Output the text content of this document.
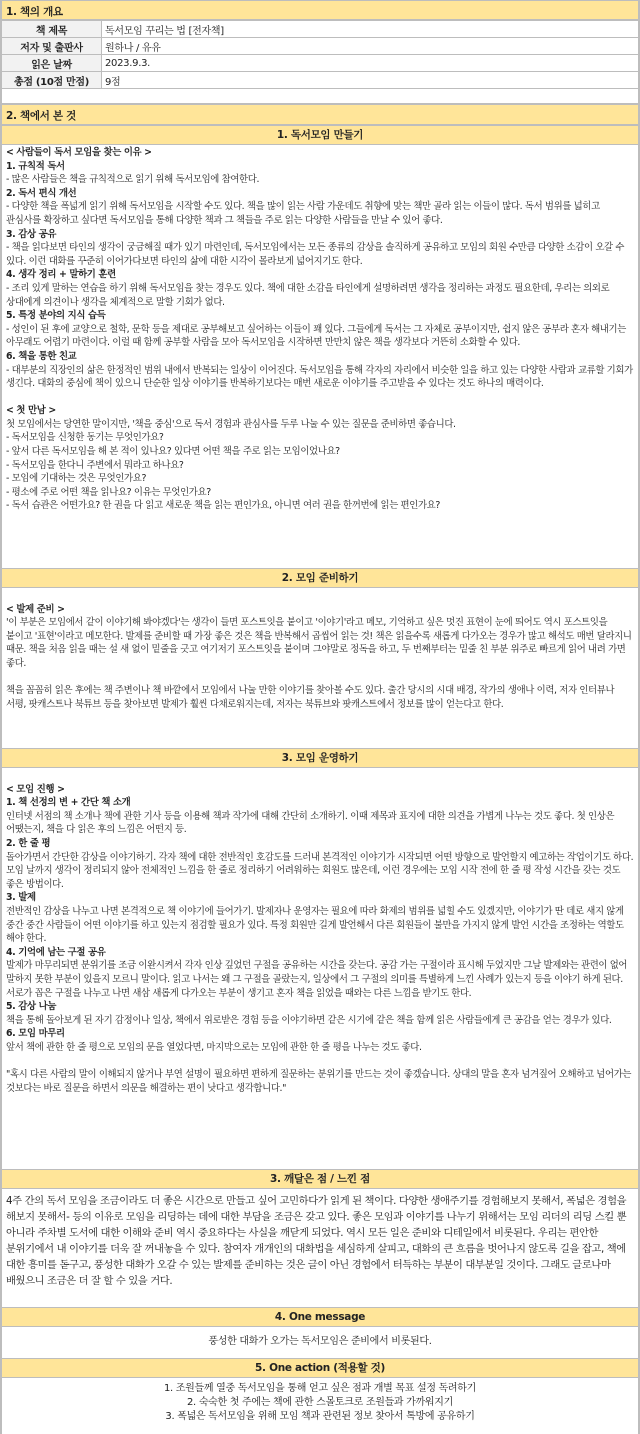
1. 책의 개요
책 제목	독서모임 꾸리는 법 [전자책]
저자 및 출판사	원하나 / 유유
읽은 날짜	2023.9.3.
총점 (10점 만점)	9점
2. 책에서 본 것
1. 독서모임 만들기

< 사람들이 독서 모임을 찾는 이유 >

1. 규칙적 독서

- 많은 사람들은 책을 규칙적으로 읽기 위해 독서모임에 참여한다.

2. 독서 편식 개선

- 다양한 책을 폭넓게 읽기 위해 독서모임을 시작할 수도 있다. 책을 많이 읽는 사람 가운데도 취향에 맞는 책만 골라 읽는 이들이 많다. 독서 범위를 넓히고 관심사를 확장하고 싶다면 독서모임을 통해 다양한 책과 그 책들을 주로 읽는 다양한 사람들을 만날 수 있어 좋다.

3. 감상 공유

- 책을 읽다보면 타인의 생각이 궁금해질 때가 있기 마련인데, 독서모임에서는 모든 종류의 감상을 솔직하게 공유하고 모임의 회원 수만큼 다양한 소감이 오갈 수 있다. 이런 대화를 꾸준히 이어가다보면 타인의 삶에 대한 시각이 몰라보게 넓어지기도 한다.

4. 생각 정리 + 말하기 훈련

- 조리 있게 말하는 연습을 하기 위해 독서모임을 찾는 경우도 있다. 책에 대한 소감을 타인에게 설명하려면 생각을 정리하는 과정도 필요한데, 우리는 의외로 상대에게 의견이나 생각을 체계적으로 말할 기회가 없다.

5. 특정 분야의 지식 습득

- 성인이 된 후에 교양으로 철학, 문학 등을 제대로 공부해보고 싶어하는 이들이 꽤 있다. 그들에게 독서는 그 자체로 공부이지만, 쉽지 않은 공부라 혼자 해내기는 아무래도 어렵기 마련이다. 이럴 때 함께 공부할 사람을 모아 독서모임을 시작하면 만만치 않은 책을 생각보다 거뜬히 소화할 수 있다.

6. 책을 통한 친교

- 대부분의 직장인의 삶은 한정적인 범위 내에서 반복되는 일상이 이어진다. 독서모임을 통해 각자의 자리에서 비슷한 일을 하고 있는 다양한 사람과 교류할 기회가 생긴다. 대화의 중심에 책이 있으니 단순한 일상 이야기를 반복하기보다는 매번 새로운 이야기를 주고받을 수 있다는 것도 하나의 매력이다.

< 첫 만남 >

첫 모임에서는 당연한 말이지만, '책을 중심'으로 독서 경험과 관심사를 두루 나눌 수 있는 질문을 준비하면 좋습니다.

- 독서모임을 신청한 동기는 무엇인가요?

- 앞서 다른 독서모임을 해 본 적이 있나요? 있다면 어떤 책을 주로 읽는 모임이었나요?

- 독서모임을 한다니 주변에서 뭐라고 하나요?

- 모임에 기대하는 것은 무엇인가요?

- 평소에 주로 어떤 책을 읽나요? 이유는 무엇인가요?

- 독서 습관은 어떤가요? 한 권을 다 읽고 새로운 책을 읽는 편인가요, 아니면 여러 권을 한꺼번에 읽는 편인가요?

2. 모임 준비하기

< 발제 준비 >

'이 부분은 모임에서 같이 이야기해 봐야겠다'는 생각이 들면 포스트잇을 붙이고 '이야기'라고 메모, 기억하고 싶은 멋진 표현이 눈에 띄어도 역시 포스트잇을 붙이고 '표현'이라고 메모한다. 발제를 준비할 때 가장 좋은 것은 책을 반복해서 곱씹어 읽는 것! 책은 읽을수록 새롭게 다가오는 경우가 많고 해석도 매번 달라지니 때문. 책을 처음 읽을 때는 설 새 없이 밑줄을 긋고 여기저기 포스트잇을 붙이며 그야말로 정독을 하고, 두 번째부터는 밑줄 친 부분 위주로 빠르게 읽어 내려 가면 좋다.

책을 꼼꼼히 읽은 후에는 책 주변이나 책 바깥에서 모임에서 나눌 만한 이야기를 찾아볼 수도 있다. 출간 당시의 시대 배경, 작가의 생애나 이력, 저자 인터뷰나 서평, 팟캐스트나 북튜브 등을 찾아보면 발제가 훨씬 다채로워지는데, 저자는 북튜브와 팟캐스트에서 정보를 많이 얻는다고 한다.

3. 모임 운영하기

< 모임 진행 >

1. 책 선정의 변 + 간단 책 소개

인터넷 서점의 책 소개나 책에 관한 기사 등을 이용해 책과 작가에 대해 간단히 소개하기. 이때 제목과 표지에 대한 의견을 가볍게 나누는 것도 좋다. 첫 인상은 어땠는지, 책을 다 읽은 후의 느낌은 어떤지 등.

2. 한 줄 평

돌아가면서 간단한 감상을 이야기하기. 각자 책에 대한 전반적인 호감도를 드러내 본격적인 이야기가 시작되면 어떤 방향으로 발언할지 예고하는 작업이기도 하다. 모임 날까지 생각이 정리되지 않아 전체적인 느낌을 한 줄로 정리하기 어려워하는 회원도 많은데, 이런 경우에는 모임 시작 전에 한 줄 평 작성 시간을 갖는 것도 좋은 방법이다.

3. 발제

전반적인 감상을 나누고 나면 본격적으로 책 이야기에 들어가기. 발제자나 운영자는 필요에 따라 화제의 범위를 넓힐 수도 있겠지만, 이야기가 딴 데로 새지 않게 중간 중간 사람들이 어떤 이야기를 하고 있는지 점검할 필요가 있다. 특정 회원만 길게 발언해서 다른 회원들이 불만을 가지지 않게 발언 시간을 조정하는 역할도 해야 한다.

4. 기억에 남는 구절 공유

발제가 마무리되면 분위기를 조금 이완시켜서 각자 인상 깊었던 구절을 공유하는 시간을 갖는다. 공감 가는 구절이라 표시해 두었지만 그날 발제와는 관련이 없어 말하지 못한 부분이 있을지 모르니 말이다. 읽고 나서는 왜 그 구절을 골랐는지, 일상에서 그 구절의 의미를 특별하게 느낀 사례가 있는지 등을 이야기 하게 된다. 서로가 꼽은 구절을 나누고 나면 새삼 새롭게 다가오는 부분이 생기고 혼자 책을 읽었을 때와는 다른 느낌을 받기도 한다.

5. 감상 나눔

책을 통해 돌아보게 된 자기 감정이나 일상, 책에서 위로받은 경험 등을 이야기하면 같은 시기에 같은 책을 함께 읽은 사람들에게 큰 공감을 얻는 경우가 있다.

6. 모임 마무리

앞서 책에 관한 한 줄 평으로 모임의 문을 열었다면, 마지막으로는 모임에 관한 한 줄 평을 나누는 것도 좋다.

"혹시 다른 사람의 말이 이해되지 않거나 부연 설명이 필요하면 편하게 질문하는 분위기를 만드는 것이 좋겠습니다. 상대의 말을 혼자 넘겨짚어 오해하고 넘어가는 것보다는 바로 질문을 하면서 의문을 해결하는 편이 낫다고 생각합니다."

3. 깨달은 점 / 느낀 점
4주 간의 독서 모임을 조금이라도 더 좋은 시간으로 만들고 싶어 고민하다가 읽게 된 책이다. 다양한 생애주기를 경험해보지 못해서, 폭넓은 경험을 해보지 못해서- 등의 이유로 모임을 리딩하는 데에 대한 부담을 조금은 갖고 있다. 좋은 모임과 이야기를 나누기 위해서는 모임 리더의 리딩 스킬 뿐 아니라 주차별 도서에 대한 이해와 준비 역시 중요하다는 사실을 깨닫게 되었다. 역시 모든 일은 준비와 디테일에서 비롯된다. 우리는 편안한 분위기에서 내 이야기를 더욱 잘 꺼내놓을 수 있다. 참여자 개개인의 대화법을 세심하게 살피고, 대화의 큰 흐름을 벗어나지 않도록 길을 잡고, 책에 대한 흥미를 돋구고, 풍성한 대화가 오갈 수 있는 발제를 준비하는 것은 글이 아닌 경험에서 터득하는 부분이 대부분일 것이다. 그래도 글로나마 배웠으니 조금은 더 잘 할 수 있을 거다.
4. One message
풍성한 대화가 오가는 독서모임은 준비에서 비롯된다.
5. One action (적용할 것)
1. 조원들께 열중 독서모임을 통해 얻고 싶은 점과 개별 목표 설정 독려하기
2. 숙숙한 첫 주에는 책에 관한 스몰토크로 조원들과 가까워지기
3. 폭넓은 독서모임을 위해 모임 책과 관련된 정보 찾아서 톡방에 공유하기
